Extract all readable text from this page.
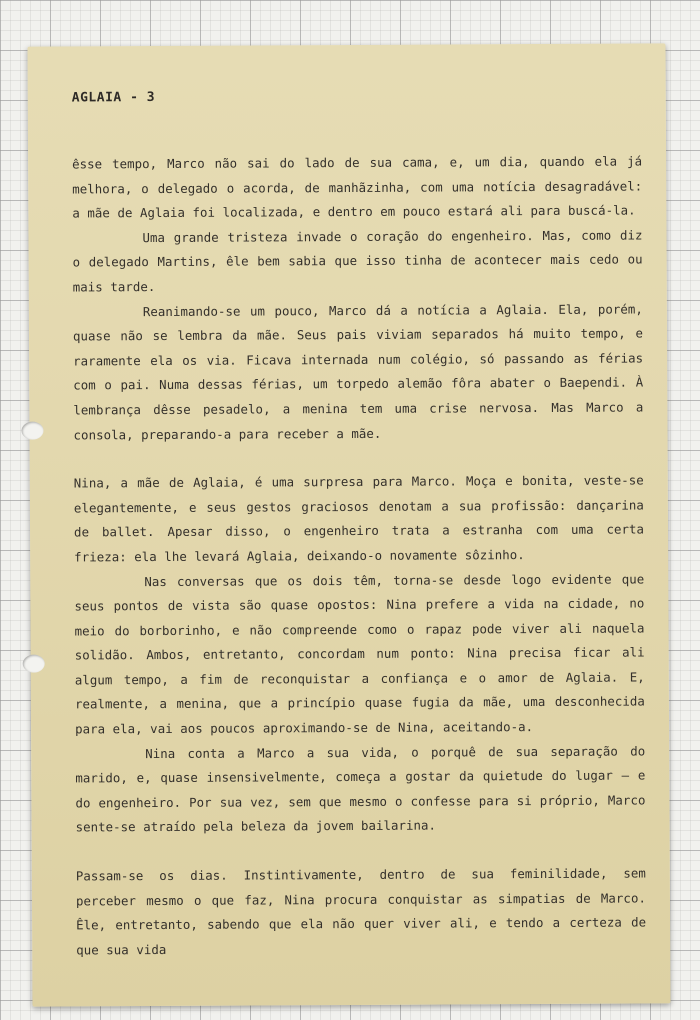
AGLAIA - 3

êsse tempo, Marco não sai do lado de sua cama, e, um dia, quando ela já melhora, o delegado o acorda, de manhãzinha, com uma notícia desagradável: a mãe de Aglaia foi localizada, e dentro em pouco estará ali para buscá-la.

Uma grande tristeza invade o coração do engenheiro. Mas, como diz o delegado Martins, êle bem sabia que isso tinha de acontecer mais cedo ou mais tarde.

Reanimando-se um pouco, Marco dá a notícia a Aglaia. Ela, porém, quase não se lembra da mãe. Seus pais viviam separados há muito tempo, e raramente ela os via. Ficava internada num colégio, só passando as férias com o pai. Numa dessas férias, um torpedo alemão fôra abater o Baependi. À lembrança dêsse pesadelo, a menina tem uma crise nervosa. Mas Marco a consola, preparando-a para receber a mãe.

Nina, a mãe de Aglaia, é uma surpresa para Marco. Moça e bonita, veste-se elegantemente, e seus gestos graciosos denotam a sua profissão: dançarina de ballet. Apesar disso, o engenheiro trata a estranha com uma certa frieza: ela lhe levará Aglaia, deixando-o novamente sôzinho.

Nas conversas que os dois têm, torna-se desde logo evidente que seus pontos de vista são quase opostos: Nina prefere a vida na cidade, no meio do borborinho, e não compreende como o rapaz pode viver ali naquela solidão. Ambos, entretanto, concordam num ponto: Nina precisa ficar ali algum tempo, a fim de reconquistar a confiança e o amor de Aglaia. E, realmente, a menina, que a princípio quase fugia da mãe, uma desconhecida para ela, vai aos poucos aproximando-se de Nina, aceitando-a.

Nina conta a Marco a sua vida, o porquê de sua separação do marido, e, quase insensivelmente, começa a gostar da quietude do lugar — e do engenheiro. Por sua vez, sem que mesmo o confesse para si próprio, Marco sente-se atraído pela beleza da jovem bailarina.

Passam-se os dias. Instintivamente, dentro de sua feminilidade, sem perceber mesmo o que faz, Nina procura conquistar as simpatias de Marco. Êle, entretanto, sabendo que ela não quer viver ali, e tendo a certeza de que sua vida
